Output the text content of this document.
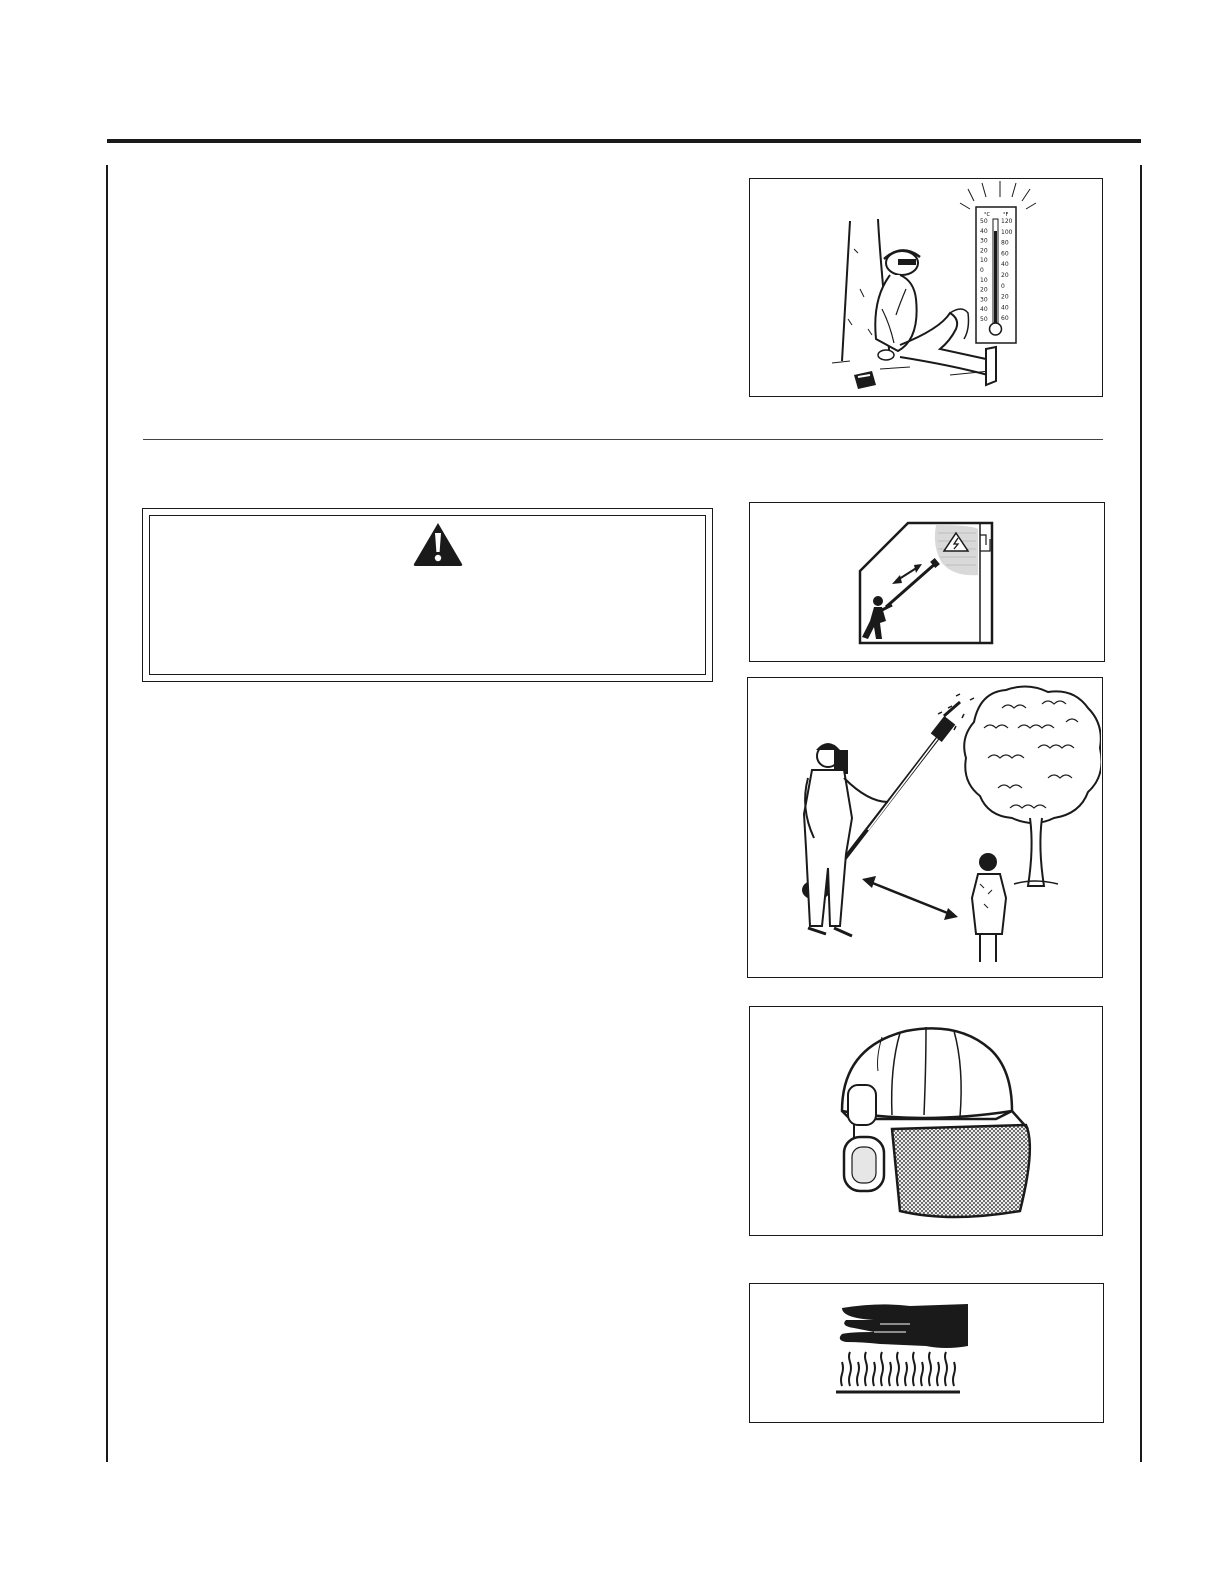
°C	°F
50
40
30
20
10
0
10
20
30
40
50
120
100
80
60
40
20
0
20
40
60
